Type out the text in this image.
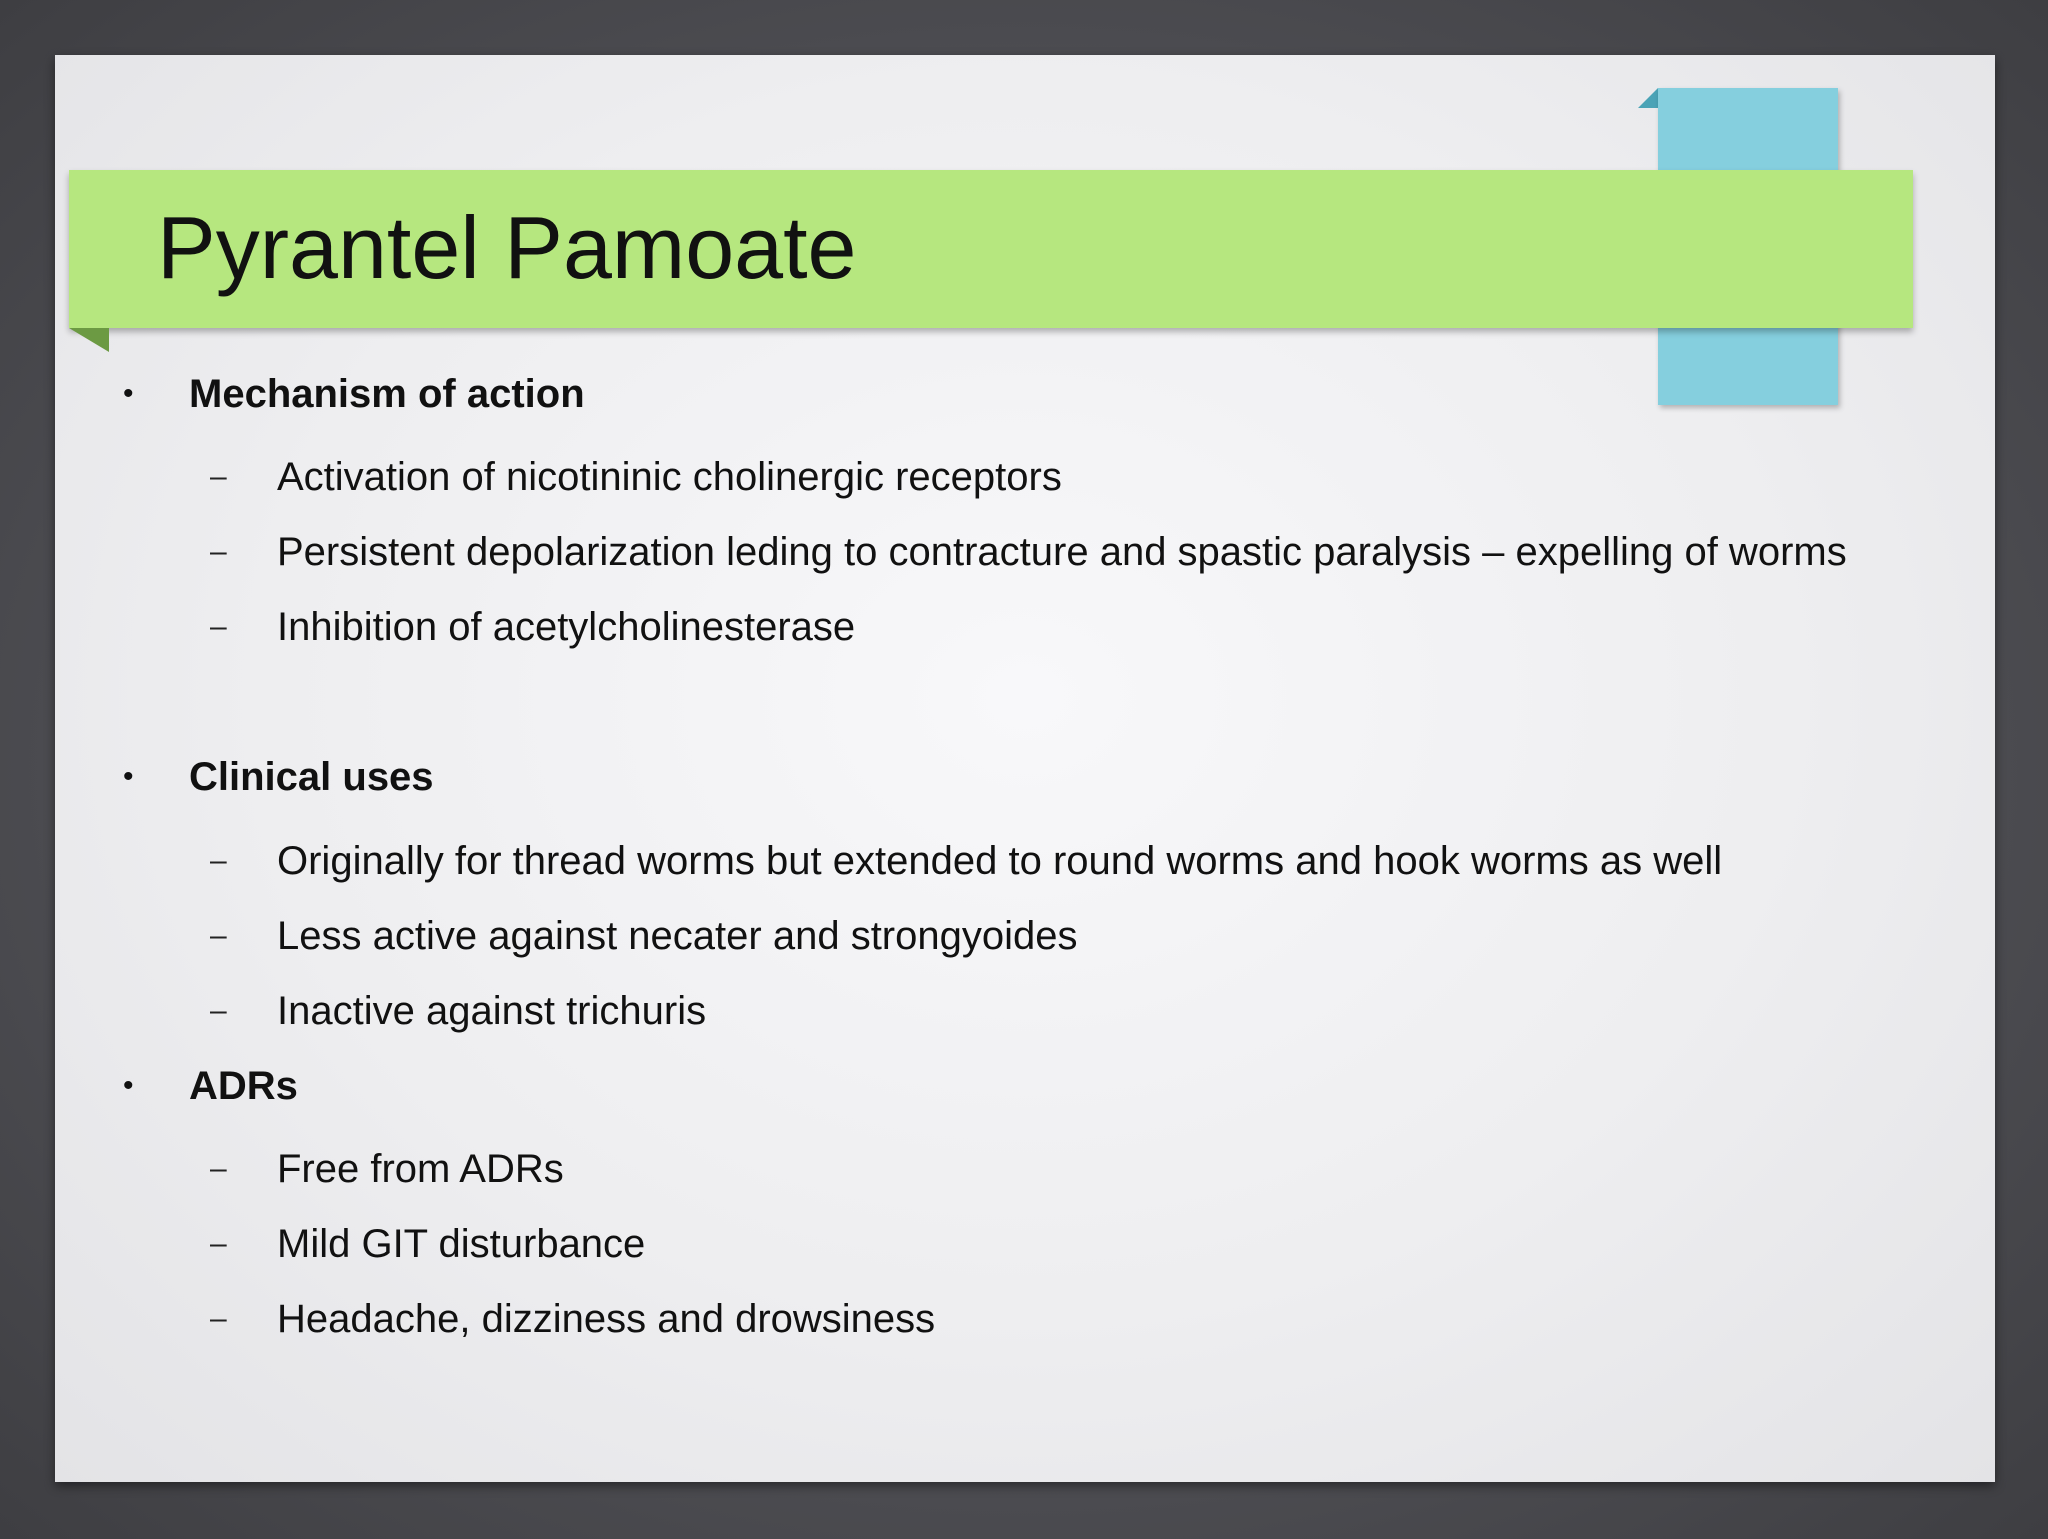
Pyrantel Pamoate
• Mechanism of action
– Activation of nicotininic cholinergic receptors
– Persistent depolarization leding to contracture and spastic paralysis – expelling of worms
– Inhibition of acetylcholinesterase
• Clinical uses
– Originally for thread worms but extended to round worms and hook worms as well
– Less active against necater and strongyoides
– Inactive against trichuris
• ADRs
– Free from ADRs
– Mild GIT disturbance
– Headache, dizziness and drowsiness
